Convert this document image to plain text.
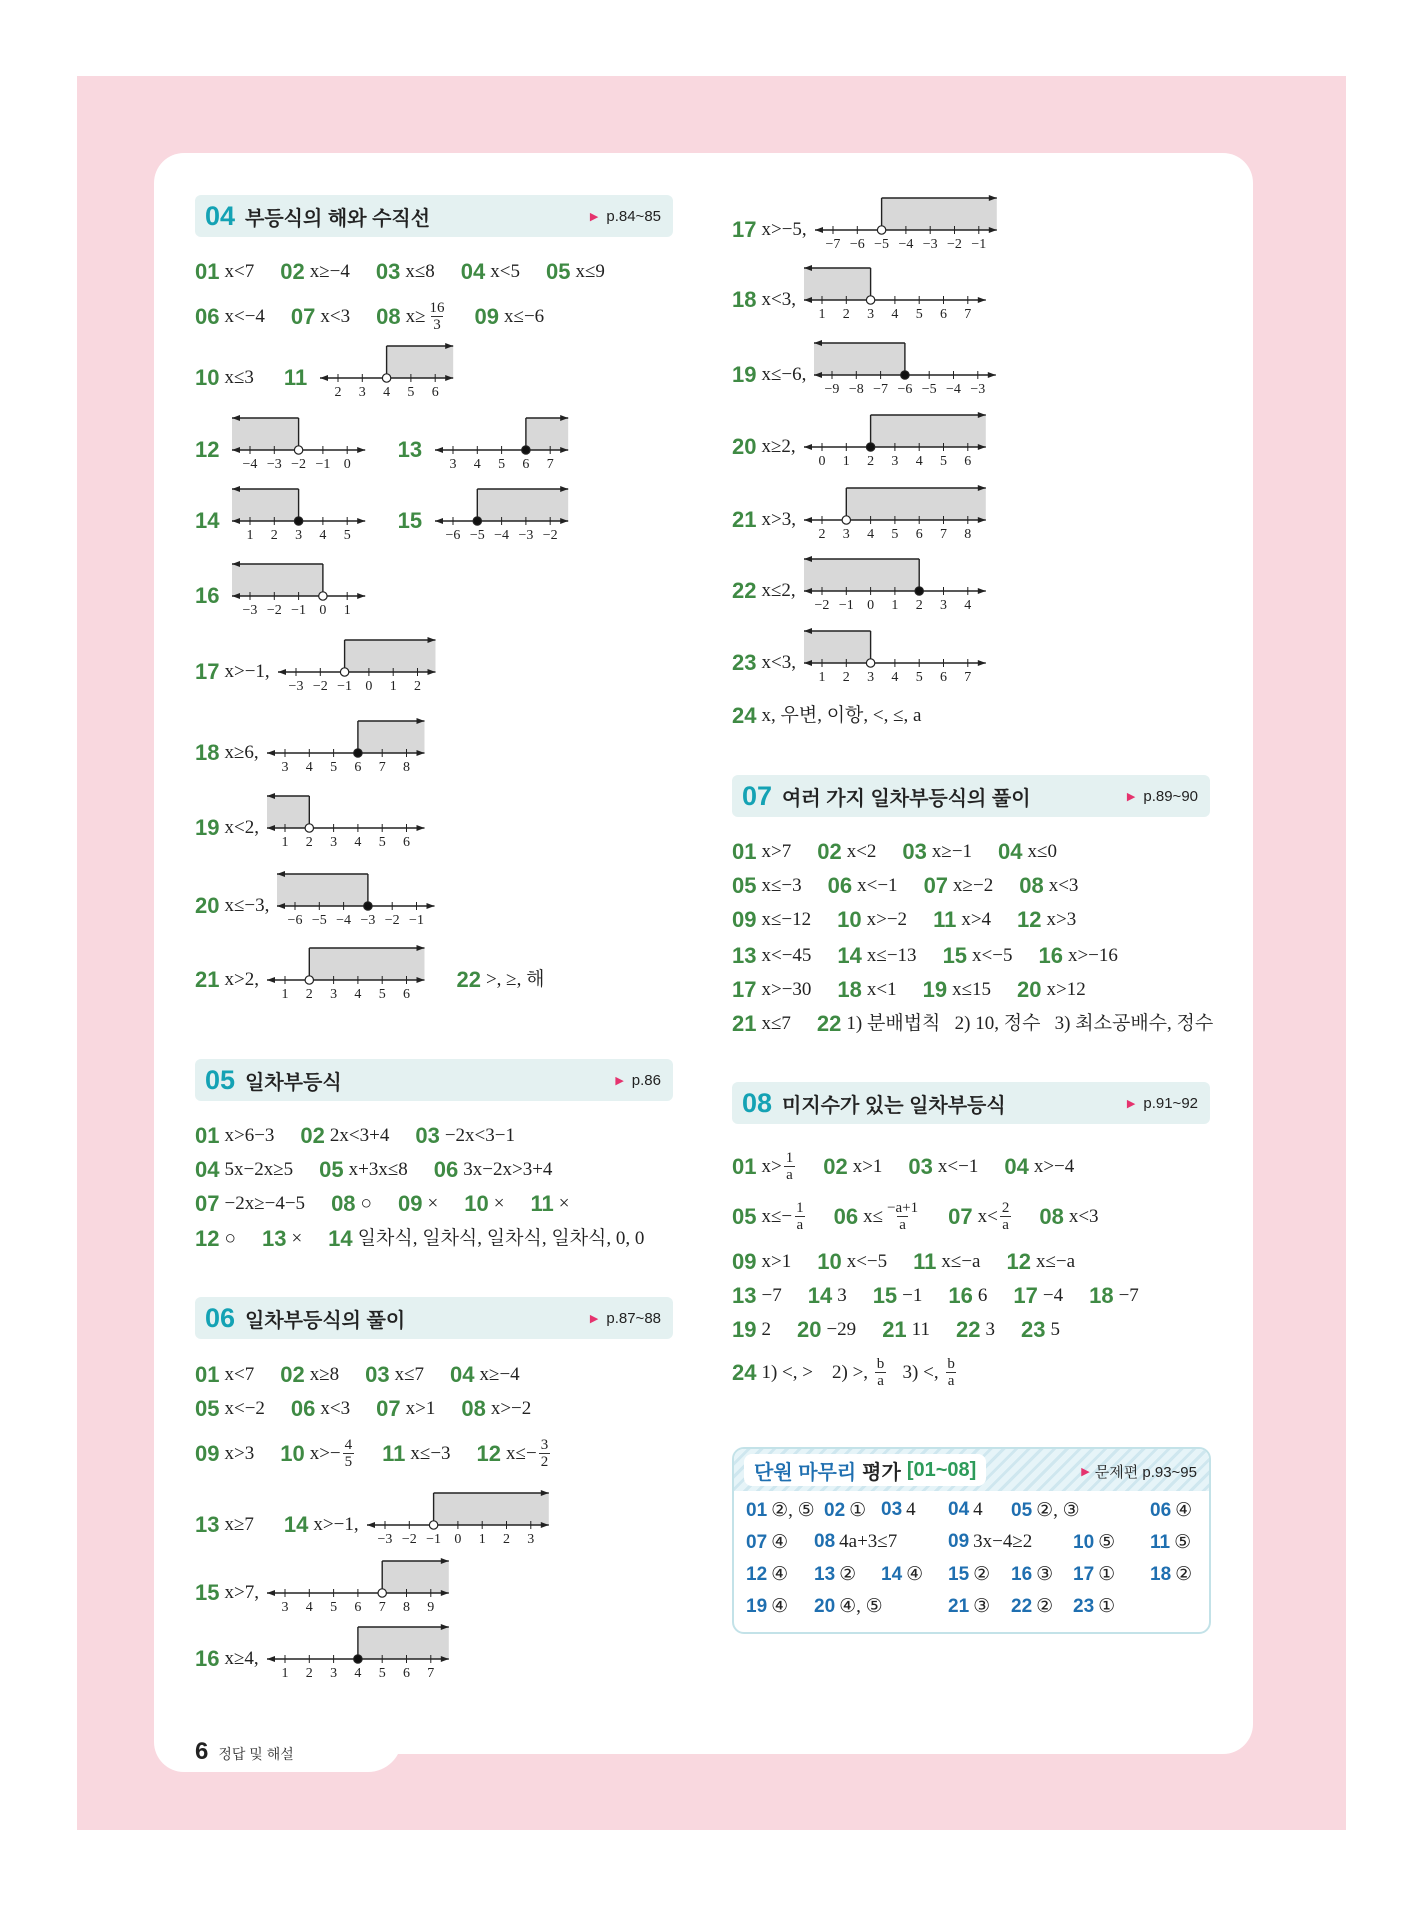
6 정답 및 해설
04 부등식의 해와 수직선	▶ p.84~85
01 x<7 02 x≥−4 03 x≤8 04 x<5 05 x≤9
06 x<−4 07 x<3 08 $x\ge \frac{16}{3} 09$ x≤−6
10 x≤3 11
2 3 4 5 6
12
−4 −3 −2 −1 0
13
3 4 5 6 7
14
1 2 3 4 5
15
−6 −5 −4 −3 −2
16
−3 −2 −1 0 1
17 x>−1,
−3 −2 −1 0 1 2
18 x≥6,
3 4 5 6 7 8
19 x<2,
1 2 3 4 5 6
20 x≤−3,
−6 −5 −4 −3 −2 −1
21 x>2,
1 2 3 4 5 6
22 >, ≥, 해
17 x>−5,
−7 −6 −5 −4 −3 −2 −1
18 x<3,
1 2 3 4 5 6 7
19 x≤−6,
−9 −8 −7 −6 −5 −4 −3
20 x≥2,
0 1 2 3 4 5 6
21 x>3,
2 3 4 5 6 7 8
22 x≤2,
−2 −1 0 1 2 3 4
23 x<3,
1 2 3 4 5 6 7
24 x, 우변, 이항, <, ≤, a
05 일차부등식	▶ p.86
01 x>6−3 02 2x<3+4 03 −2x<3−1
04 5x−2x≥5 05 x+3x≤8 06 3x−2x>3+4
07 −2x≥−4−5 08 ○ 09 × 10 × 11 ×
12 ○ 13 × 14 일차식, 일차식, 일차식, 일차식, 0, 0
06 일차부등식의 풀이	▶ p.87~88
01 x<7 02 x≥8 03 x≤7 04 x≥−4
05 x<−2 06 x<3 07 x>1 08 x>−2
09 x>3 10 $x>- \frac{4}{5} 11$ x≤−3 12 $x\le- \frac{3}{2}$
13 x≥7 14 x>−1,
−3 −2 −1 0 1 2 3
15 x>7,
3 4 5 6 7 8 9
16 x≥4,
1 2 3 4 5 6 7
07 여러 가지 일차부등식의 풀이	▶ p.89~90
01 x>7 02 x<2 03 x≥−1 04 x≤0
05 x≤−3 06 x<−1 07 x≥−2 08 x<3
09 x≤−12 10 x>−2 11 x>4 12 x>3
13 x<−45 14 x≤−13 15 x<−5 16 x>−16
17 x>−30 18 x<1 19 x≤15 20 x>12
21 x≤7 22 1) 분배법칙   2) 10, 정수   3) 최소공배수, 정수
08 미지수가 있는 일차부등식	▶ p.91~92
01 $x> \frac{1}{a} 02$ x>1 03 x<−1 04 x>−4
05 $x\le- \frac{1}{a} 06$ $x\le \frac{-a+1}{a} 07$ $x< \frac{2}{a} 08$ x<3
09 x>1 10 x<−5 11 x≤−a 12 x≤−a
13 −7 14 3 15 −1 16 6 17 −4 18 −7
19 2 20 −29 21 11 22 3 23 5
24 1) <, >    2) >, $\frac{b}{a} 3$) <, $\frac{b}{a}$
단원 마무리 평가 [01~08]	▶ 문제편 p.93~95
01 ②, ⑤ 02 ① 03 4 04 4 05 ②, ③	06 ④
07 ④ 08 4a+3≤7	09 3x−4≥2 10 ⑤ 11 ⑤
12 ④ 13 ② 14 ④ 15 ② 16 ③ 17 ① 18 ②
19 ④ 20 ④, ⑤	21 ③ 22 ② 23 ①
